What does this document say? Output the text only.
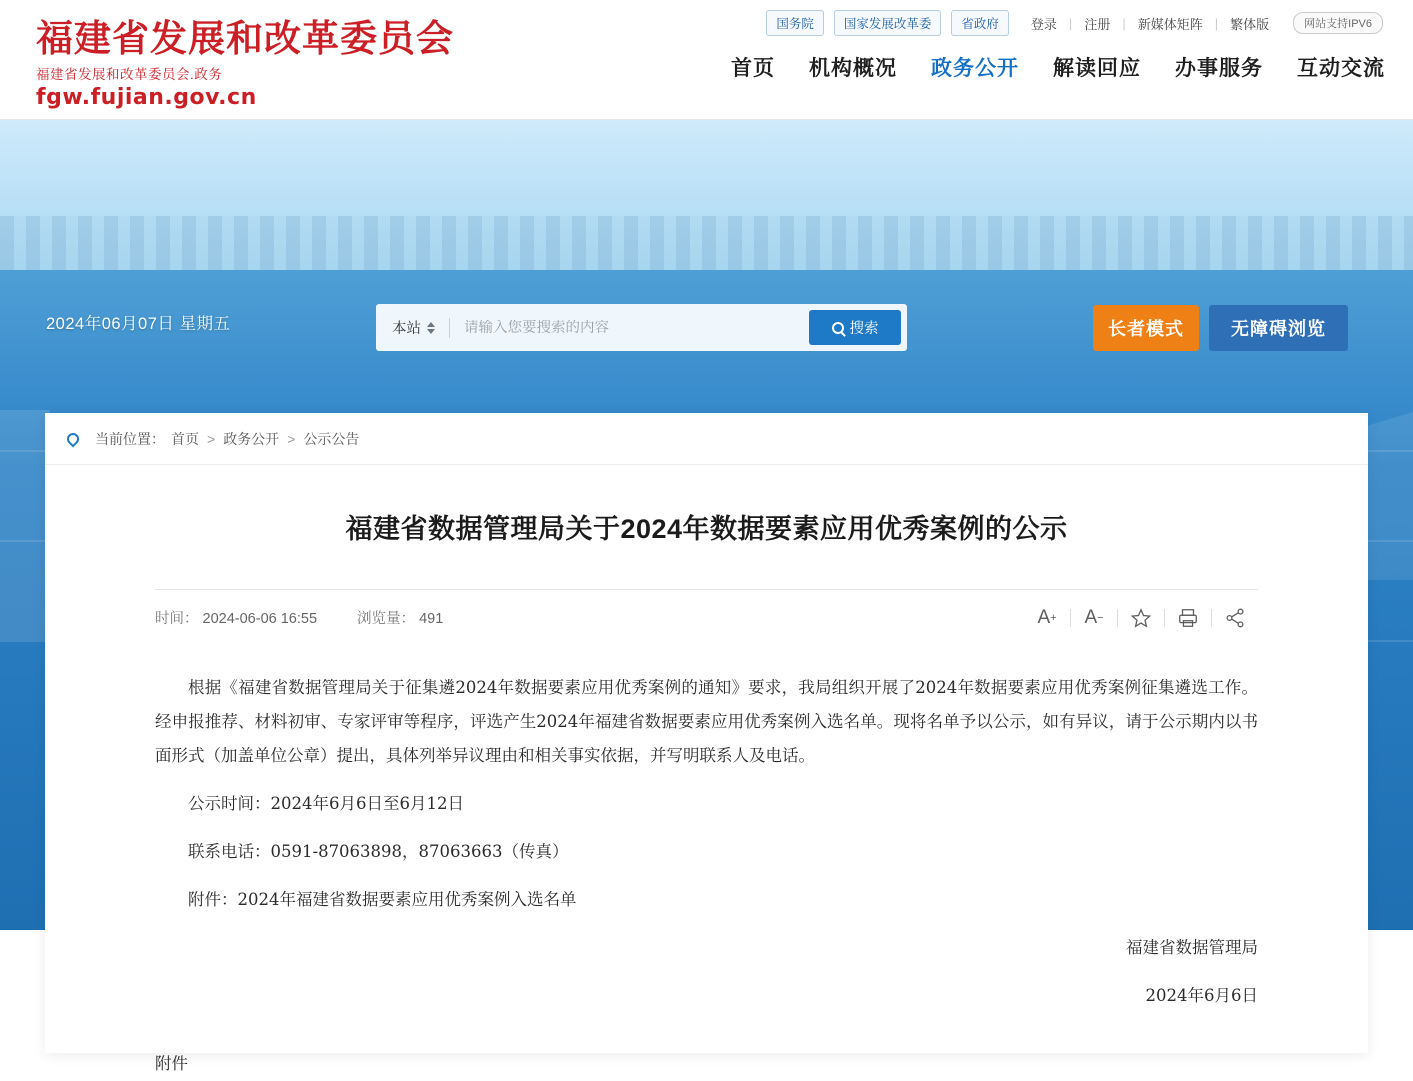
福建省发展和改革委员会
福建省发展和改革委员会.政务
fgw.fujian.gov.cn
国务院	国家发展改革委	省政府	登录 | 注册 | 新媒体矩阵 | 繁体版	网站支持IPV6
首页 机构概况 政务公开 解读回应 办事服务 互动交流
2024年06月07日 星期五	本站
请输入您要搜索的内容	搜索	长者模式	无障碍浏览
当前位置： 首页 > 政务公开 > 公示公告
福建省数据管理局关于2024年数据要素应用优秀案例的公示
时间： 2024-06-06 16:55	浏览量： 491	A +	A −

根据《福建省数据管理局关于征集遴2024年数据要素应用优秀案例的通知》要求，我局组织开展了2024年数据要素应用优秀案例征集遴选工作。经申报推荐、材料初审、专家评审等程序，评选产生2024年福建省数据要素应用优秀案例入选名单。现将名单予以公示，如有异议，请于公示期内以书面形式（加盖单位公章）提出，具体列举异议理由和相关事实依据，并写明联系人及电话。

公示时间：2024年6月6日至6月12日

联系电话：0591-87063898，87063663（传真）

附件：2024年福建省数据要素应用优秀案例入选名单

福建省数据管理局

2024年6月6日

附件
